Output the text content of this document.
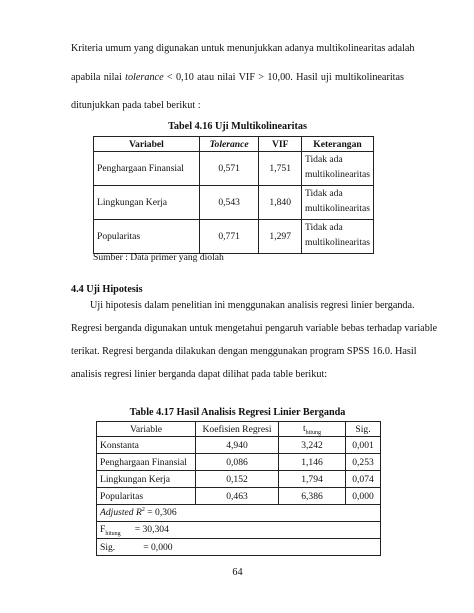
Kriteria umum yang digunakan untuk menunjukkan adanya multikolinearitas adalah
apabila nilai tolerance < 0,10 atau nilai VIF > 10,00. Hasil uji multikolinearitas
ditunjukkan pada tabel berikut :
Tabel 4.16 Uji Multikolinearitas
Variabel	Tolerance	VIF	Keterangan
Penghargaan Finansial	0,571	1,751	Tidak ada
multikolinearitas

Lingkungan Kerja	0,543	1,840	Tidak ada
multikolinearitas

Popularitas	0,771	1,297	Tidak ada
multikolinearitas
Sumber : Data primer yang diolah
4.4 Uji Hipotesis
Uji hipotesis dalam penelitian ini menggunakan analisis regresi linier berganda.
Regresi berganda digunakan untuk mengetahui pengaruh variable bebas terhadap variable
terikat. Regresi berganda dilakukan dengan menggunakan program SPSS 16.0. Hasil
analisis regresi linier berganda dapat dilihat pada table berikut:
Table 4.17 Hasil Analisis Regresi Linier Berganda
Variable	Koefisien Regresi	$t_{hitung}$	Sig.
Konstanta	4,940	3,242	0,001
Penghargaan Finansial	0,086	1,146	0,253
Lingkungan Kerja	0,152	1,794	0,074
Popularitas	0,463	6,386	0,000
Adjusted $R^2 = 0,306$			
$F_{hitung} = 30,304$			
Sig. = 0,000			
64
